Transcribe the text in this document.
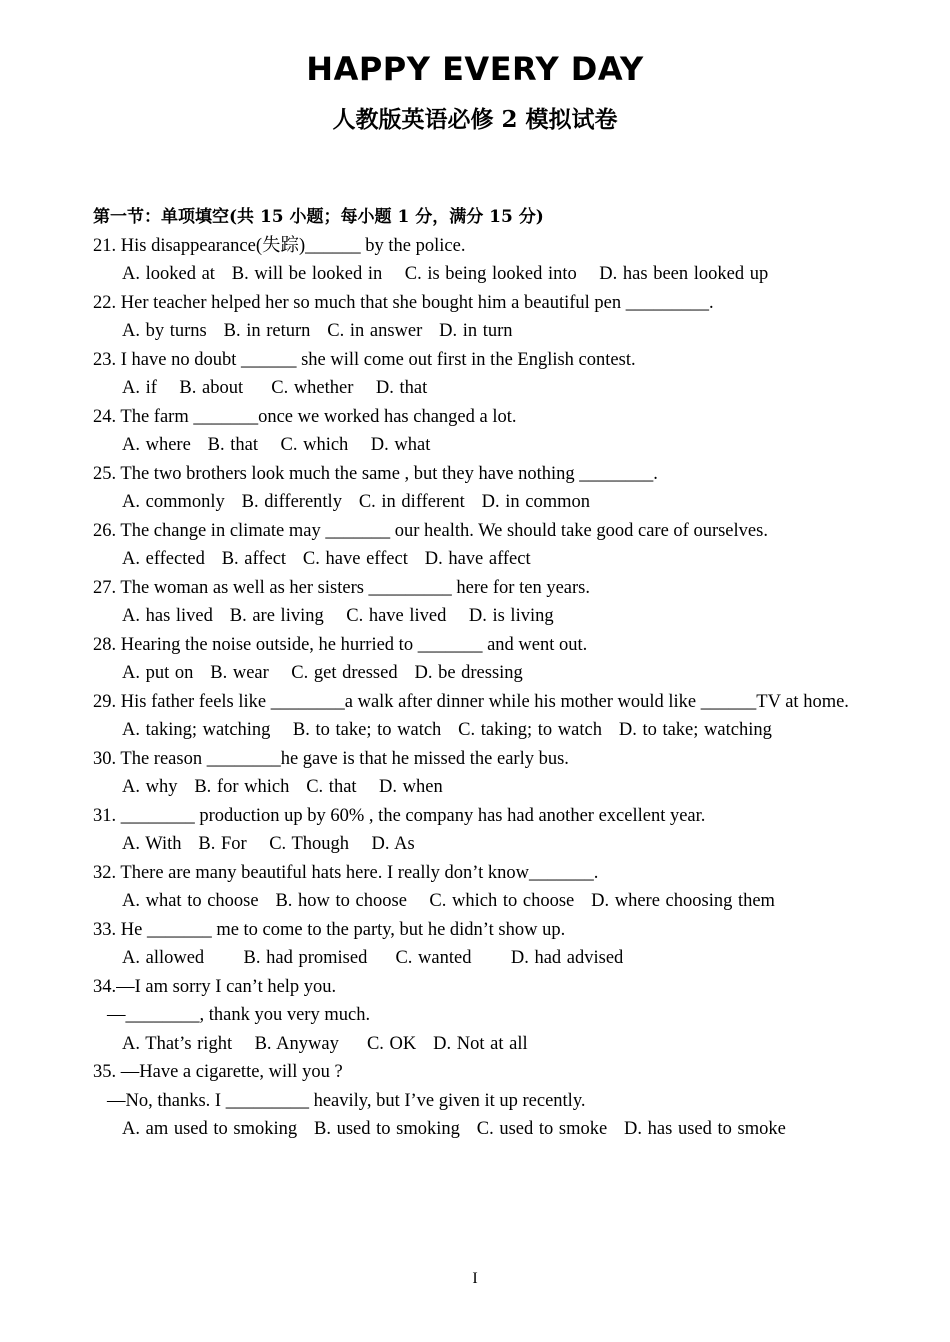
HAPPY EVERY DAY
人教版英语必修 2 模拟试卷
第一节：单项填空(共 15 小题；每小题 1 分，满分 15 分)
21. His disappearance(失踪)______ by the police.
A. looked at   B. will be looked in    C. is being looked into    D. has been looked up
22. Her teacher helped her so much that she bought him a beautiful pen _________.
A. by turns   B. in return   C. in answer   D. in turn
23. I have no doubt ______ she will come out first in the English contest.
A. if    B. about     C. whether    D. that
24. The farm _______once we worked has changed a lot.
A. where   B. that    C. which    D. what
25. The two brothers look much the same , but they have nothing ________.
A. commonly   B. differently   C. in different   D. in common
26. The change in climate may _______ our health. We should take good care of ourselves.
A. effected   B. affect   C. have effect   D. have affect
27. The woman as well as her sisters _________ here for ten years.
A. has lived   B. are living    C. have lived    D. is living
28. Hearing the noise outside, he hurried to _______ and went out.
A. put on   B. wear    C. get dressed   D. be dressing
29. His father feels like ________a walk after dinner while his mother would like ______TV at home.
A. taking; watching    B. to take; to watch   C. taking; to watch   D. to take; watching
30. The reason ________he gave is that he missed the early bus.
A. why   B. for which   C. that    D. when
31. ________ production up by 60% , the company has had another excellent year.
A. With   B. For    C. Though    D. As
32. There are many beautiful hats here. I really don’t know_______.
A. what to choose   B. how to choose    C. which to choose   D. where choosing them
33. He _______ me to come to the party, but he didn’t show up.
A. allowed       B. had promised     C. wanted       D. had advised
34.—I am sorry I can’t help you.
—________, thank you very much.
A. That’s right    B. Anyway     C. OK   D. Not at all
35. —Have a cigarette, will you ?
—No, thanks. I _________ heavily, but I’ve given it up recently.
A. am used to smoking   B. used to smoking   C. used to smoke   D. has used to smoke
I
